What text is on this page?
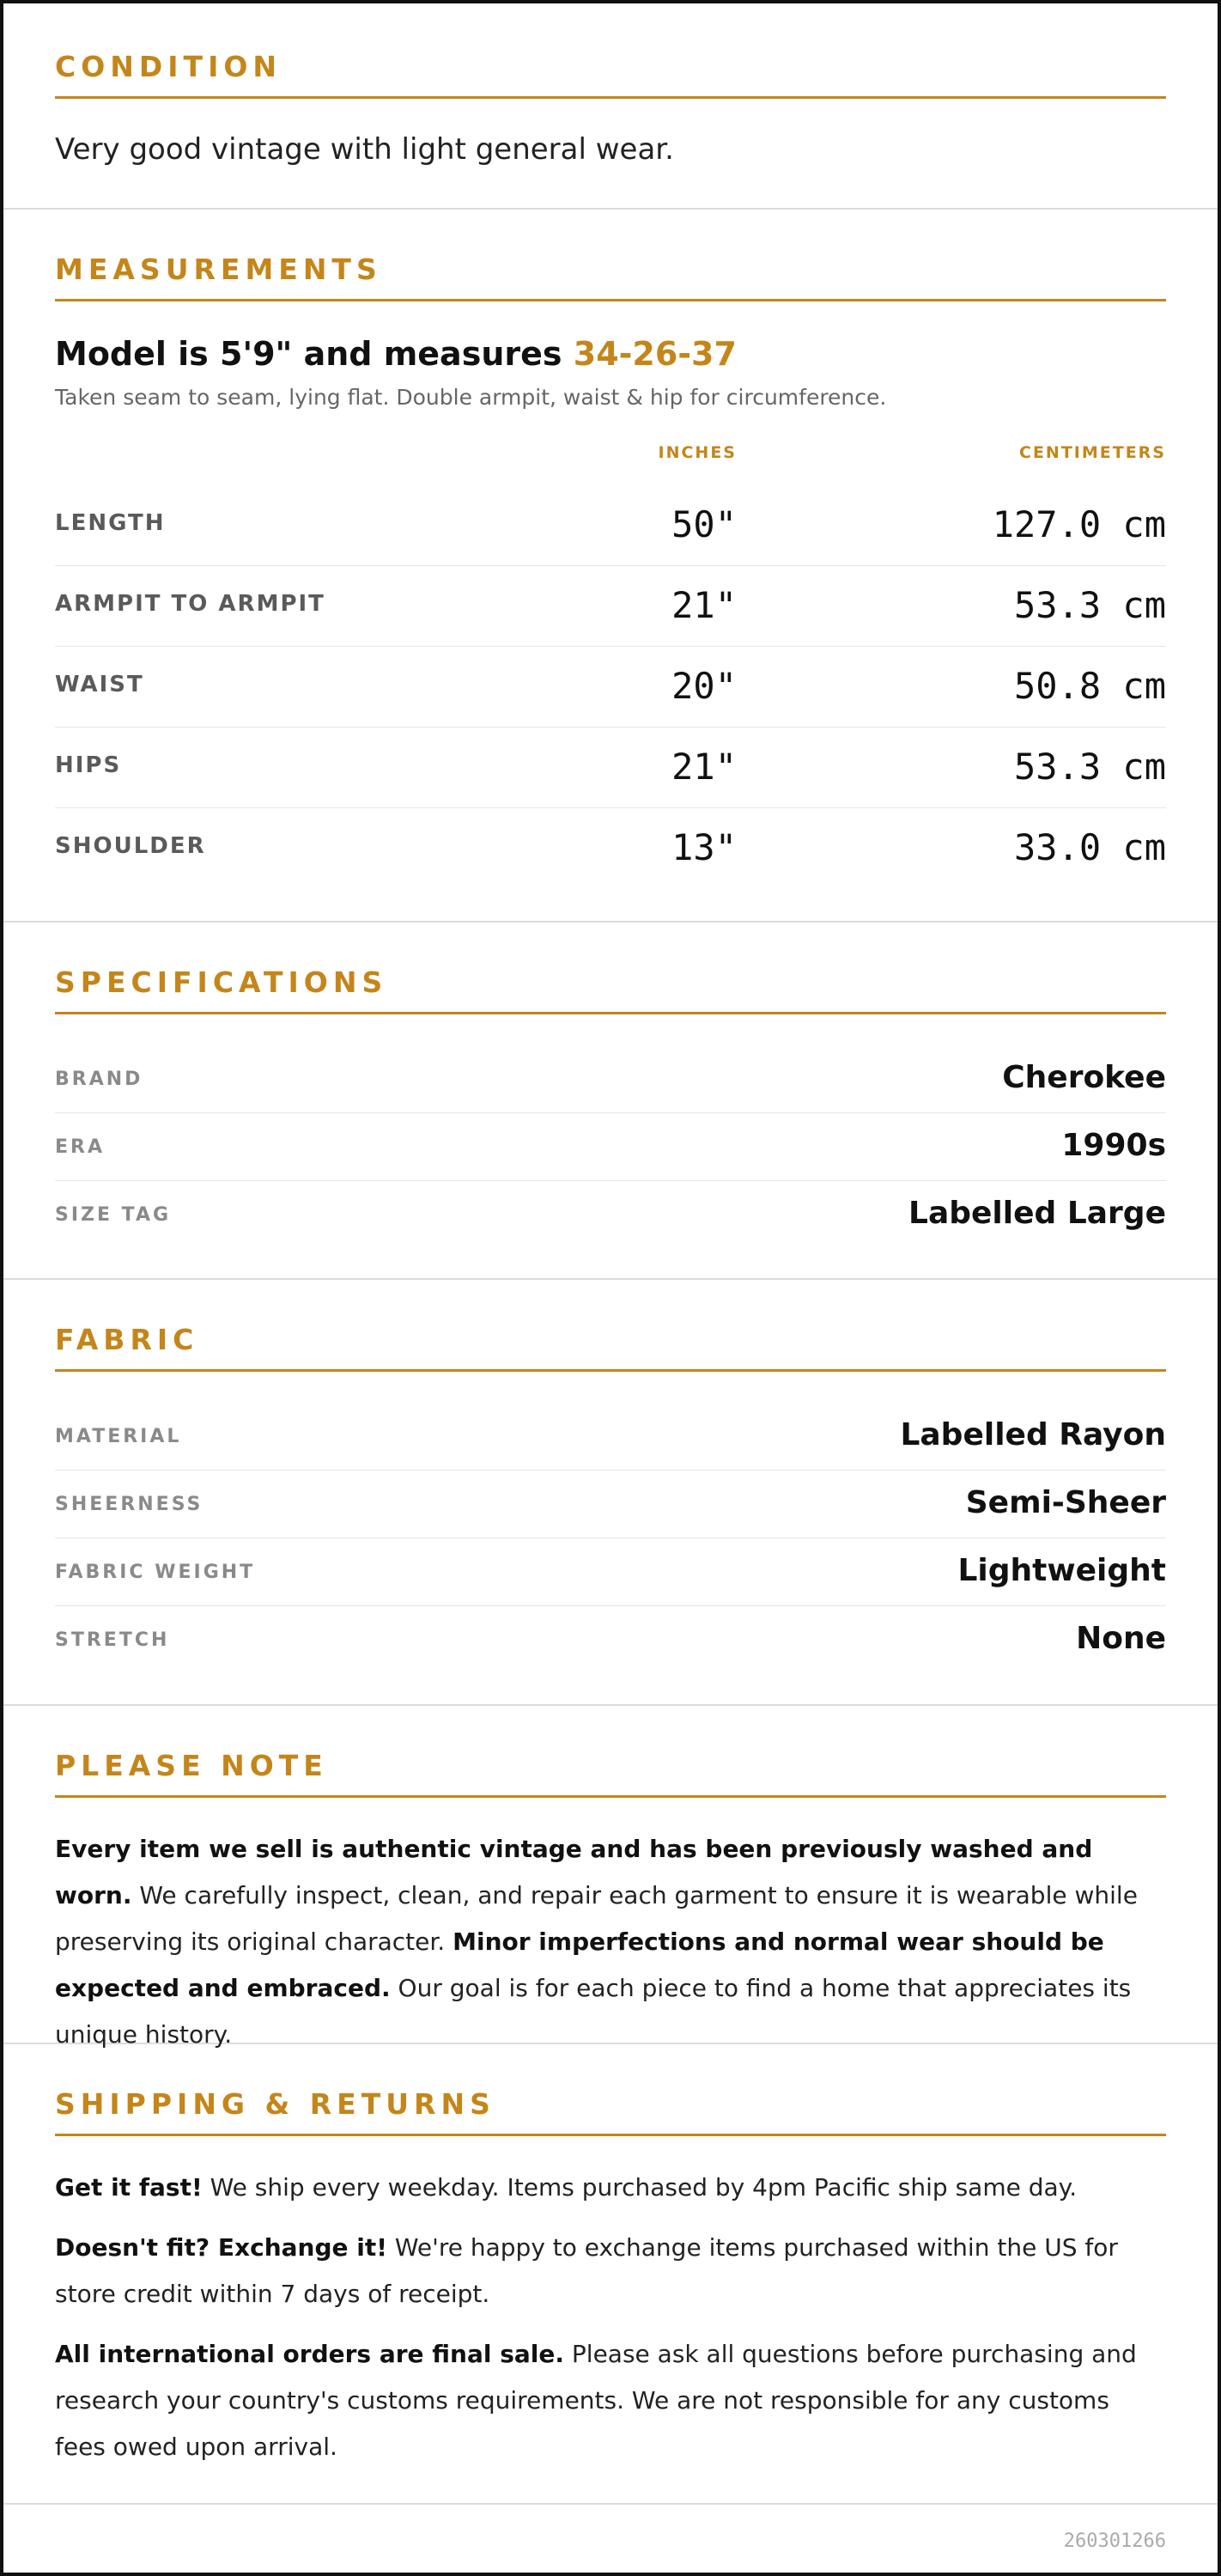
CONDITION
Very good vintage with light general wear.
MEASUREMENTS
Model is 5'9" and measures 34-26-37
Taken seam to seam, lying flat. Double armpit, waist & hip for circumference.
INCHES	CENTIMETERS
LENGTH	50"	127.0 cm
ARMPIT TO ARMPIT	21"	53.3 cm
WAIST	20"	50.8 cm
HIPS	21"	53.3 cm
SHOULDER	13"	33.0 cm
SPECIFICATIONS
BRAND	Cherokee
ERA	1990s
SIZE TAG	Labelled Large
FABRIC
MATERIAL	Labelled Rayon
SHEERNESS	Semi-Sheer
FABRIC WEIGHT	Lightweight
STRETCH	None
PLEASE NOTE

Every item we sell is authentic vintage and has been previously washed and worn. We carefully inspect, clean, and repair each garment to ensure it is wearable while preserving its original character. Minor imperfections and normal wear should be expected and embraced. Our goal is for each piece to find a home that appreciates its unique history.

SHIPPING & RETURNS

Get it fast! We ship every weekday. Items purchased by 4pm Pacific ship same day.

Doesn't fit? Exchange it! We're happy to exchange items purchased within the US for store credit within 7 days of receipt.

All international orders are final sale. Please ask all questions before purchasing and research your country's customs requirements. We are not responsible for any customs fees owed upon arrival.

260301266
